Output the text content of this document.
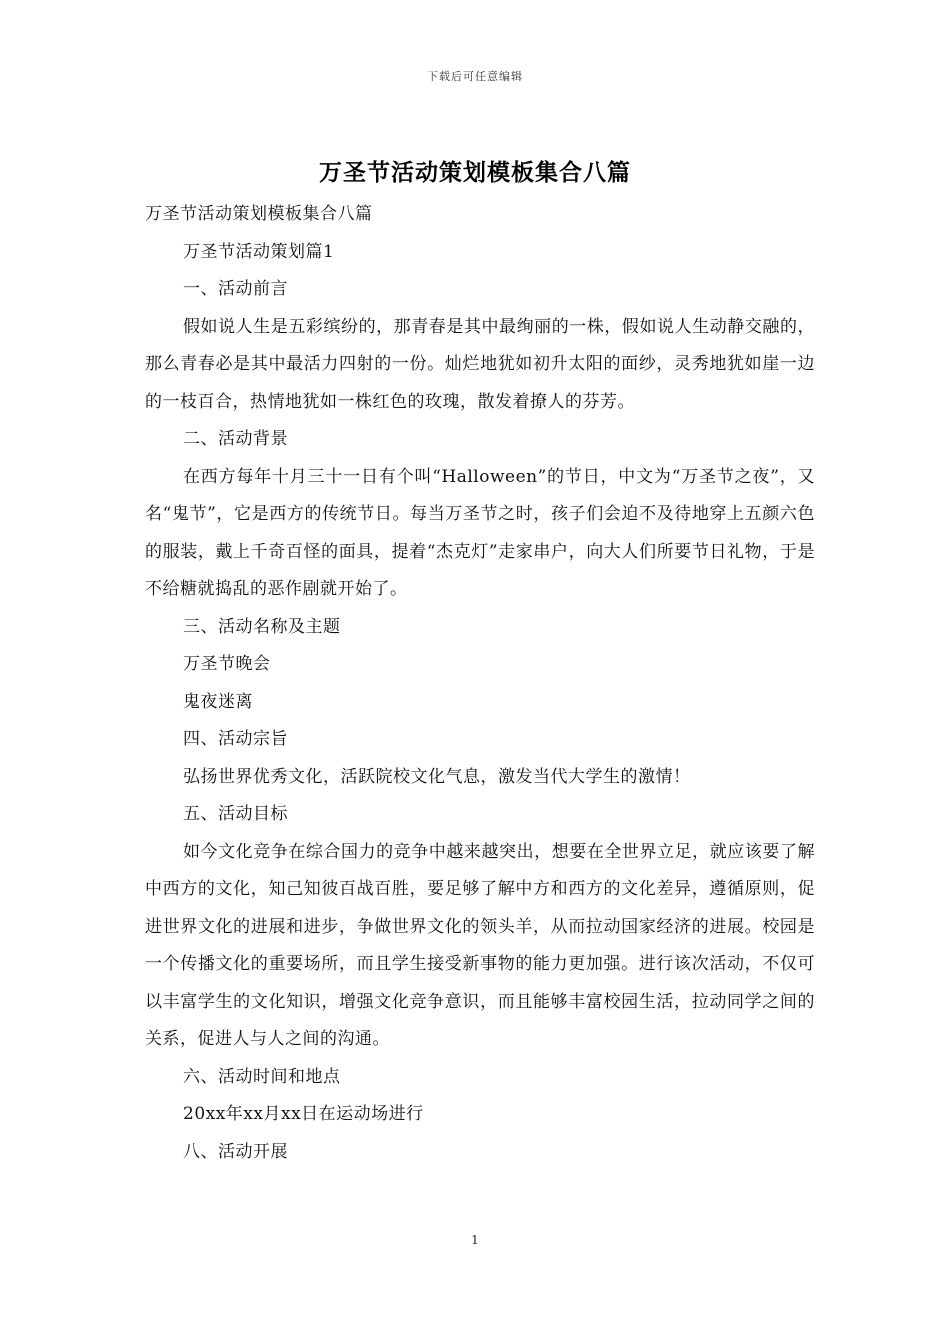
下载后可任意编辑
万圣节活动策划模板集合八篇

万圣节活动策划模板集合八篇

万圣节活动策划篇1

一、活动前言

假如说人生是五彩缤纷的，那青春是其中最绚丽的一株，假如说人生动静交融的，那么青春必是其中最活力四射的一份。灿烂地犹如初升太阳的面纱，灵秀地犹如崖一边的一枝百合，热情地犹如一株红色的玫瑰，散发着撩人的芬芳。

二、活动背景

在西方每年十月三十一日有个叫“Halloween”的节日，中文为“万圣节之夜”，又名“鬼节”，它是西方的传统节日。每当万圣节之时，孩子们会迫不及待地穿上五颜六色的服装，戴上千奇百怪的面具，提着“杰克灯”走家串户，向大人们所要节日礼物，于是不给糖就捣乱的恶作剧就开始了。

三、活动名称及主题

万圣节晚会

鬼夜迷离

四、活动宗旨

弘扬世界优秀文化，活跃院校文化气息，激发当代大学生的激情！

五、活动目标

如今文化竞争在综合国力的竞争中越来越突出，想要在全世界立足，就应该要了解中西方的文化，知己知彼百战百胜，要足够了解中方和西方的文化差异，遵循原则，促进世界文化的进展和进步，争做世界文化的领头羊，从而拉动国家经济的进展。校园是一个传播文化的重要场所，而且学生接受新事物的能力更加强。进行该次活动，不仅可以丰富学生的文化知识，增强文化竞争意识，而且能够丰富校园生活，拉动同学之间的关系，促进人与人之间的沟通。

六、活动时间和地点

20xx年xx月xx日在运动场进行

八、活动开展

1
